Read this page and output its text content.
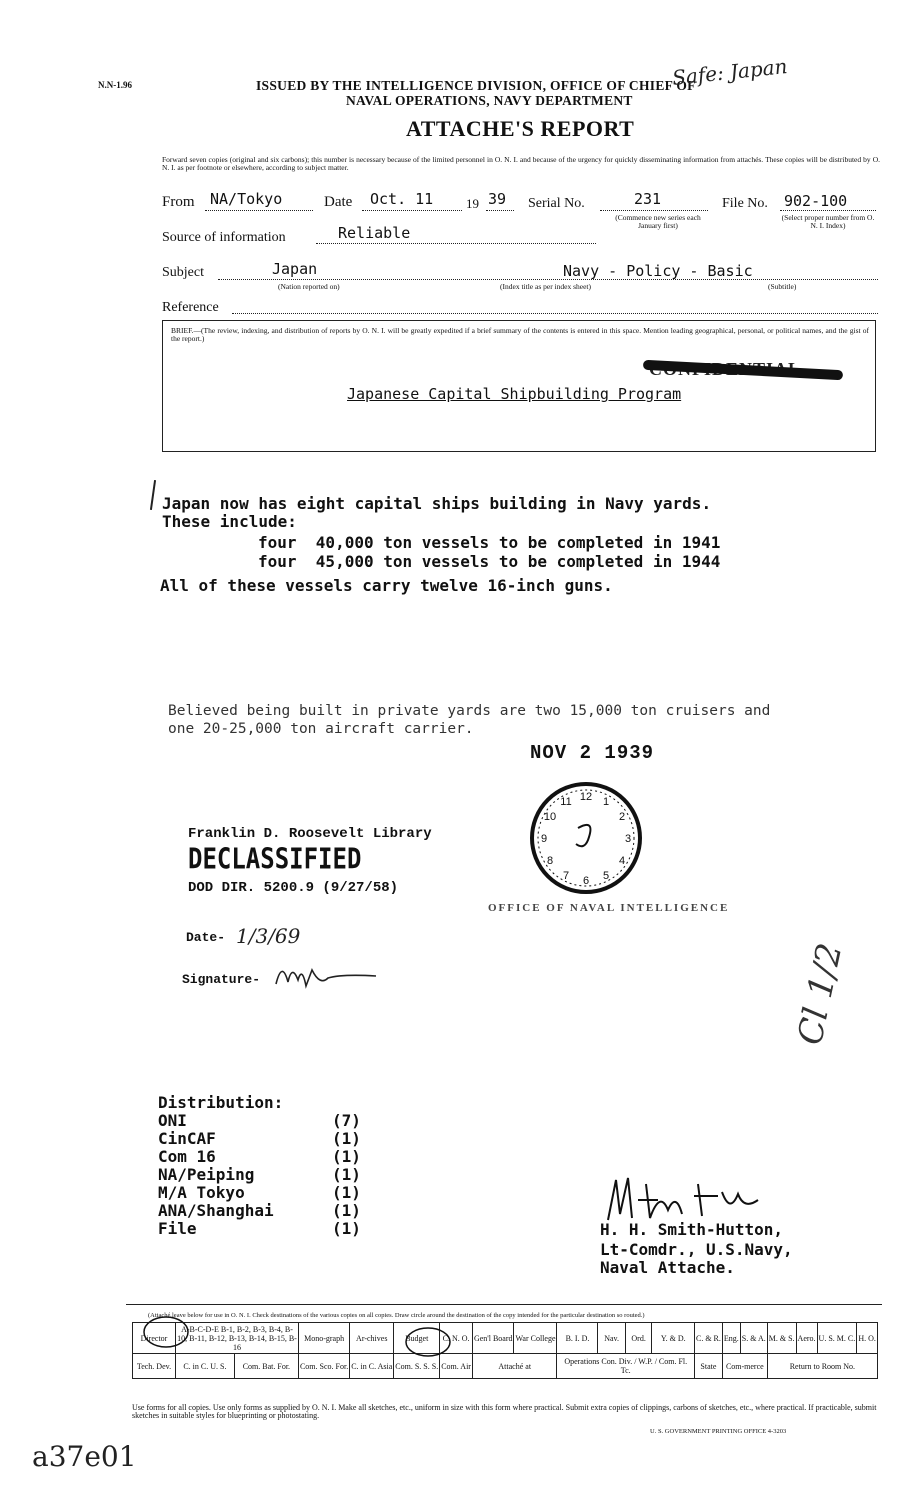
N.N-1.96	ISSUED BY THE INTELLIGENCE DIVISION, OFFICE OF CHIEF OF
NAVAL OPERATIONS, NAVY DEPARTMENT
Safe: Japan
ATTACHE'S REPORT
Forward seven copies (original and six carbons); this number is necessary because of the limited personnel in O. N. I. and because of the urgency for quickly disseminating information from attachés. These copies will be distributed by O. N. I. as per footnote or elsewhere, according to subject matter.
From NA/Tokyo	Date Oct. 11	19 39 Serial No.	231
(Commence new series each January first)
File No. 902-100
(Select proper number from O. N. I. Index)
Source of information	Reliable
Subject	Japan
(Nation reported on)
Navy - Policy - Basic
(Index title as per index sheet)	(Subtitle)
Reference
BRIEF.—(The review, indexing, and distribution of reports by O. N. I. will be greatly expedited if a brief summary of the contents is entered in this space. Mention leading geographical, personal, or political names, and the gist of the report.)
Japanese Capital Shipbuilding Program
Japan now has eight capital ships building in Navy yards.
These include:
four  40,000 ton vessels to be completed in 1941
four  45,000 ton vessels to be completed in 1944
All of these vessels carry twelve 16-inch guns.
Believed being built in private yards are two 15,000 ton cruisers and
one 20-25,000 ton aircraft carrier.
NOV 2 1939
12 1
2
3
4
5
6
7
8
9
10
11
OFFICE OF NAVAL INTELLIGENCE
Franklin D. Roosevelt Library
DECLASSIFIED
DOD DIR. 5200.9 (9/27/58)
Date- 1/3/69
Signature-	Cl 1/2
Distribution:
ONI	(7)
CinCAF	(1)
Com 16	(1)
NA/Peiping	(1)
M/A Tokyo	(1)
ANA/Shanghai	(1)
File	(1)	H. H. Smith-Hutton,
Lt-Comdr., U.S.Navy,
Naval Attache.
(Attaché leave below for use in O. N. I. Check destinations of the various copies on all copies. Draw circle around the destination of the copy intended for the particular destination so routed.)
Director	A-B-C-D-E B-1, B-2, B-3, B-4, B-10, B-11, B-12, B-13, B-14, B-15, B-16		Mono-graph	Ar-chives	Budget	C. N. O.	Gen'l Board	War College	B. I. D.	Nav.	Ord.	Y. & D.	C. & R.	Eng.	S. & A.	M. & S.	Aero.	U. S. M. C.	H. O.
Tech. Dev.	C. in C. U. S.	Com. Bat. For.	Com. Sco. For.	C. in C. Asia	Com. S. S. S.	Com. Air	Attaché at		Operations Con. Div. / W.P. / Com. Fl. Tc.				State	Com-merce		Return to Room No.			
Use forms for all copies. Use only forms as supplied by O. N. I. Make all sketches, etc., uniform in size with this form where practical. Submit extra copies of clippings, carbons of sketches, etc., where practical. If practicable, submit sketches in suitable styles for blueprinting or photostating.
U. S. GOVERNMENT PRINTING OFFICE 4-3203
a37e01
